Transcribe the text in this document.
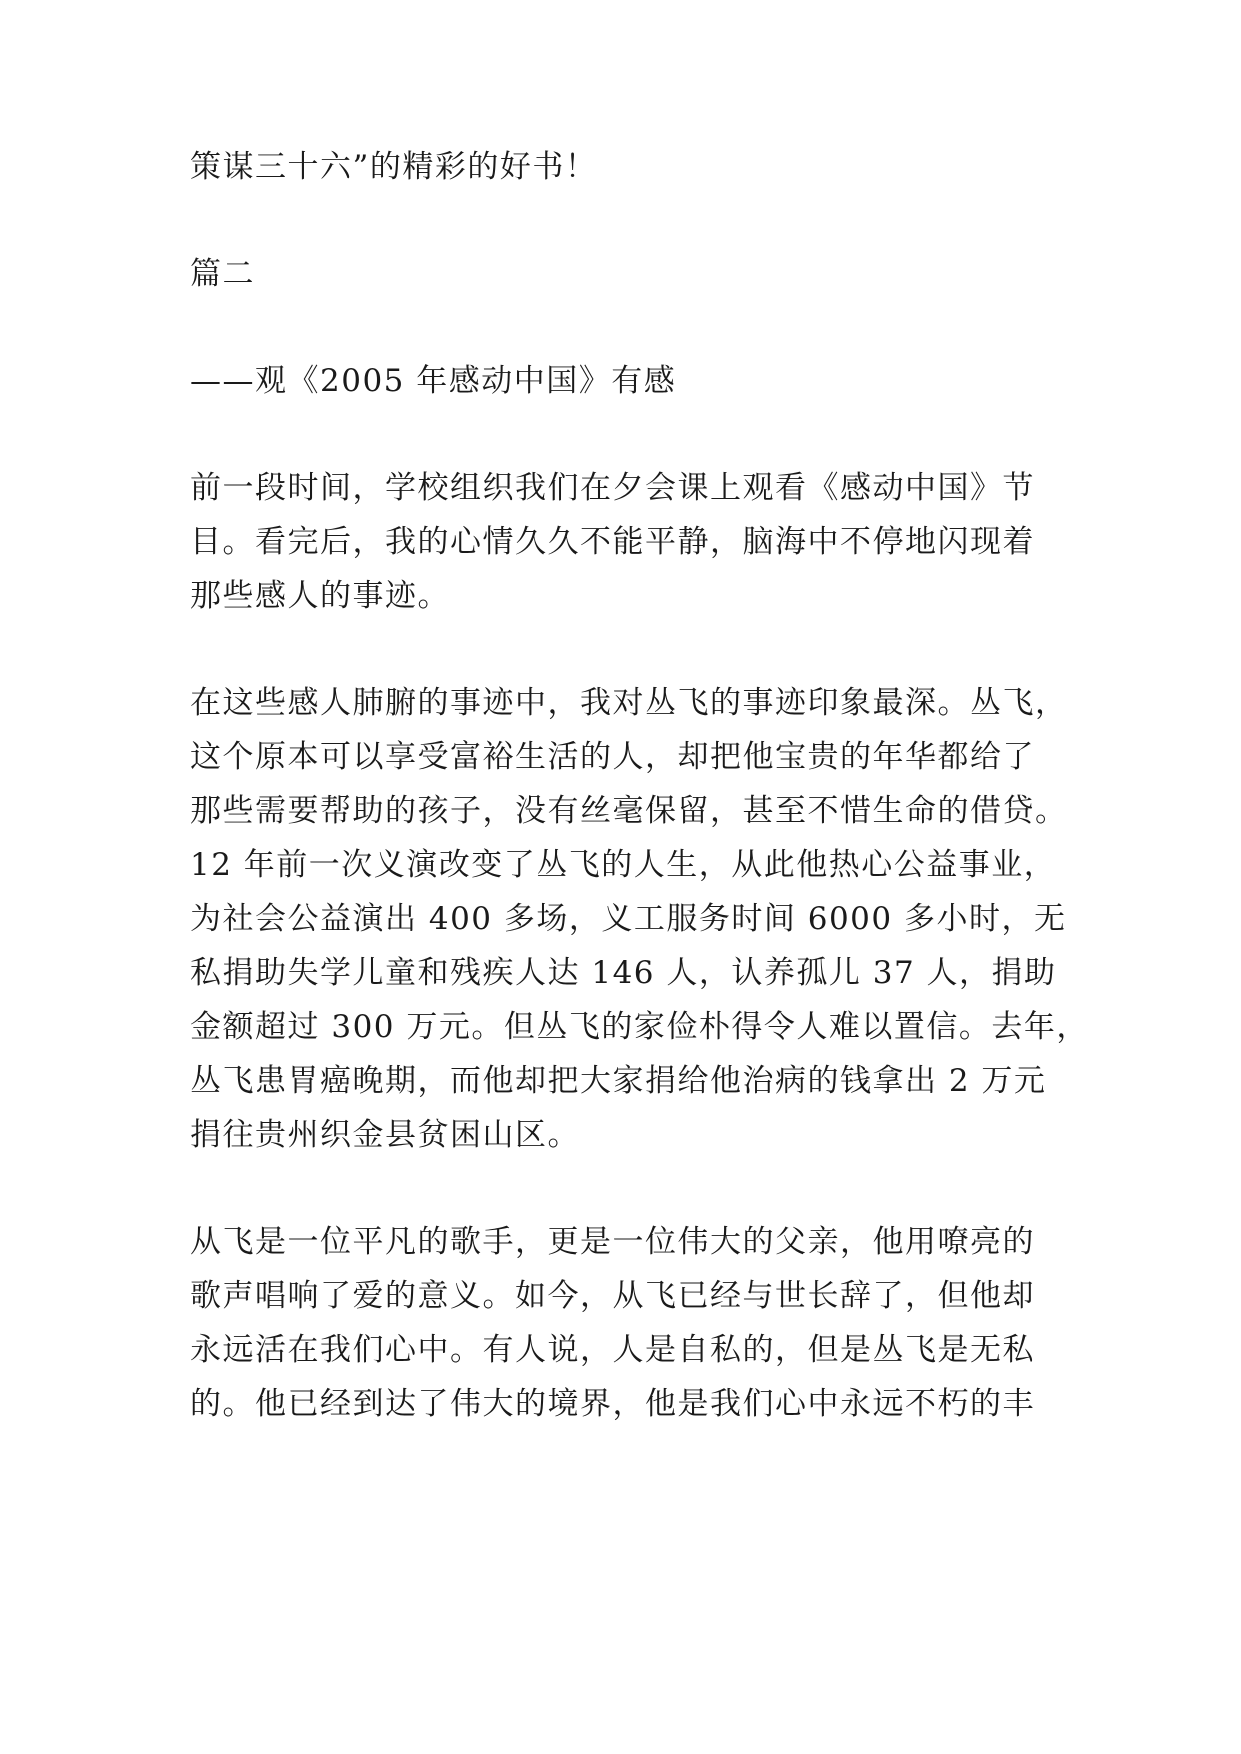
策谋三十六”的精彩的好书！
篇二
——观《2005 年感动中国》有感
前一段时间，学校组织我们在夕会课上观看《感动中国》节
目。看完后，我的心情久久不能平静，脑海中不停地闪现着
那些感人的事迹。
在这些感人肺腑的事迹中，我对丛飞的事迹印象最深。丛飞，
这个原本可以享受富裕生活的人，却把他宝贵的年华都给了
那些需要帮助的孩子，没有丝毫保留，甚至不惜生命的借贷。
12 年前一次义演改变了丛飞的人生，从此他热心公益事业，
为社会公益演出 400 多场，义工服务时间 6000 多小时，无
私捐助失学儿童和残疾人达 146 人，认养孤儿 37 人，捐助
金额超过 300 万元。但丛飞的家俭朴得令人难以置信。去年，
丛飞患胃癌晚期，而他却把大家捐给他治病的钱拿出 2 万元
捐往贵州织金县贫困山区。
从飞是一位平凡的歌手，更是一位伟大的父亲，他用嘹亮的
歌声唱响了爱的意义。如今，从飞已经与世长辞了，但他却
永远活在我们心中。有人说，人是自私的，但是丛飞是无私
的。他已经到达了伟大的境界，他是我们心中永远不朽的丰
